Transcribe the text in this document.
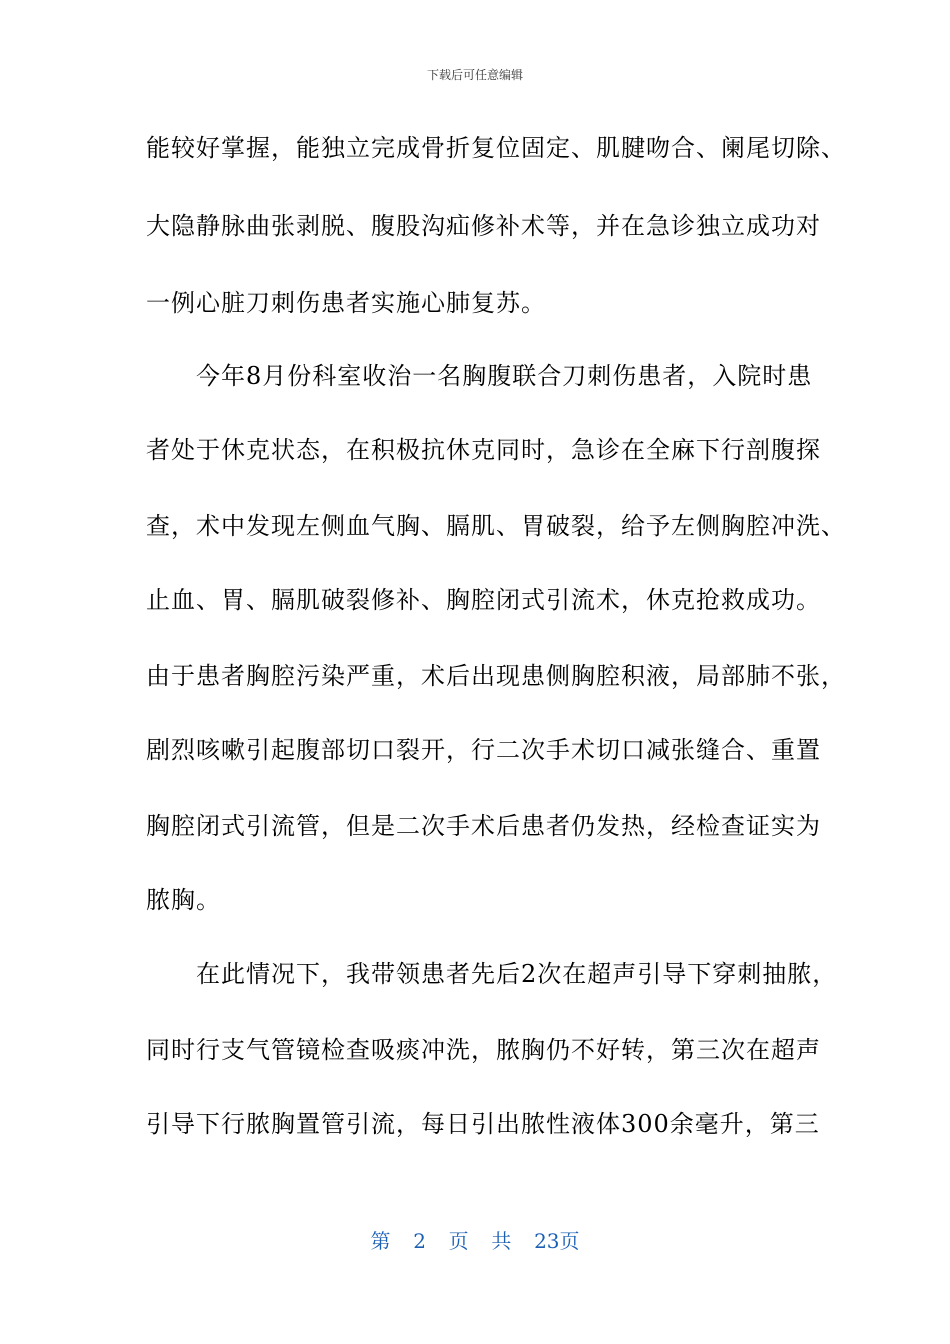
下载后可任意编辑
能较好掌握，能独立完成骨折复位固定、肌腱吻合、阑尾切除、
大隐静脉曲张剥脱、腹股沟疝修补术等，并在急诊独立成功对
一例心脏刀刺伤患者实施心肺复苏。
　　今年8月份科室收治一名胸腹联合刀刺伤患者，入院时患
者处于休克状态，在积极抗休克同时，急诊在全麻下行剖腹探
查，术中发现左侧血气胸、膈肌、胃破裂，给予左侧胸腔冲洗、
止血、胃、膈肌破裂修补、胸腔闭式引流术，休克抢救成功。
由于患者胸腔污染严重，术后出现患侧胸腔积液，局部肺不张，
剧烈咳嗽引起腹部切口裂开，行二次手术切口减张缝合、重置
胸腔闭式引流管，但是二次手术后患者仍发热，经检查证实为
脓胸。
　　在此情况下，我带领患者先后2次在超声引导下穿刺抽脓，
同时行支气管镜检查吸痰冲洗，脓胸仍不好转，第三次在超声
引导下行脓胸置管引流，每日引出脓性液体300余毫升，第三
第 2 页 共 23页
